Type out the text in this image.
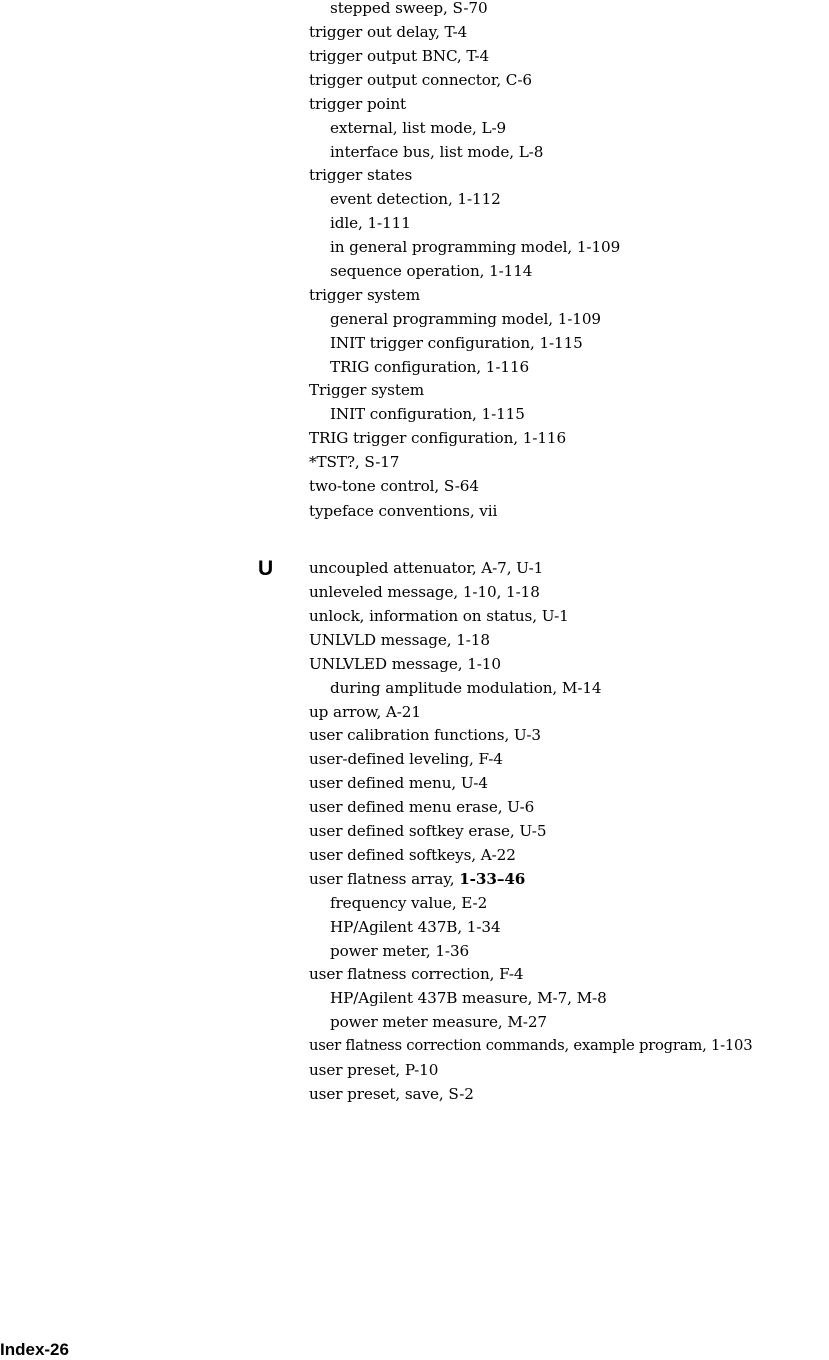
stepped sweep, S-70
trigger out delay, T-4
trigger output BNC, T-4
trigger output connector, C-6
trigger point
external, list mode, L-9
interface bus, list mode, L-8
trigger states
event detection, 1-112
idle, 1-111
in general programming model, 1-109
sequence operation, 1-114
trigger system
general programming model, 1-109
INIT trigger configuration, 1-115
TRIG configuration, 1-116
Trigger system
INIT configuration, 1-115
TRIG trigger configuration, 1-116
*TST?, S-17
two-tone control, S-64
typeface conventions, vii
U uncoupled attenuator, A-7, U-1
unleveled message, 1-10, 1-18
unlock, information on status, U-1
UNLVLD message, 1-18
UNLVLED message, 1-10
during amplitude modulation, M-14
up arrow, A-21
user calibration functions, U-3
user-defined leveling, F-4
user defined menu, U-4
user defined menu erase, U-6
user defined softkey erase, U-5
user defined softkeys, A-22
user flatness array, 1-33–46
frequency value, E-2
HP/Agilent 437B, 1-34
power meter, 1-36
user flatness correction, F-4
HP/Agilent 437B measure, M-7, M-8
power meter measure, M-27
user flatness correction commands, example program, 1-103
user preset, P-10
user preset, save, S-2
Index-26
